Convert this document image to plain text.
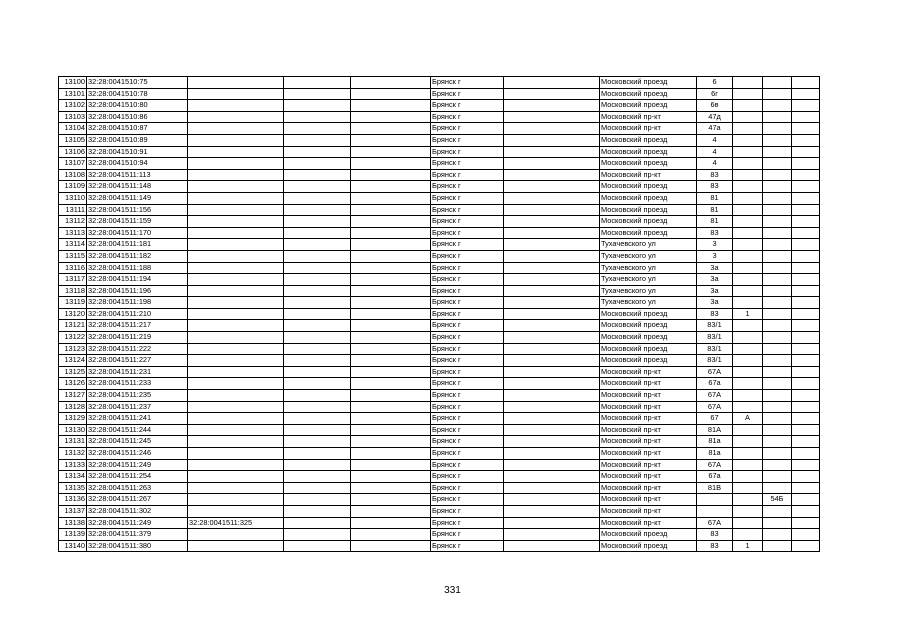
13100	32:28:0041510:75				Брянск г		Московский проезд	6			
13101	32:28:0041510:78				Брянск г		Московский проезд	6г			
13102	32:28:0041510:80				Брянск г		Московский проезд	6в			
13103	32:28:0041510:86				Брянск г		Московский пр-кт	47д			
13104	32:28:0041510:87				Брянск г		Московский пр-кт	47а			
13105	32:28:0041510:89				Брянск г		Московский проезд	4			
13106	32:28:0041510:91				Брянск г		Московский проезд	4			
13107	32:28:0041510:94				Брянск г		Московский проезд	4			
13108	32:28:0041511:113				Брянск г		Московский пр-кт	83			
13109	32:28:0041511:148				Брянск г		Московский проезд	83			
13110	32:28:0041511:149				Брянск г		Московский проезд	81			
13111	32:28:0041511:156				Брянск г		Московский проезд	81			
13112	32:28:0041511:159				Брянск г		Московский проезд	81			
13113	32:28:0041511:170				Брянск г		Московский проезд	83			
13114	32:28:0041511:181				Брянск г		Тухачевского ул	3			
13115	32:28:0041511:182				Брянск г		Тухачевского ул	3			
13116	32:28:0041511:188				Брянск г		Тухачевского ул	3а			
13117	32:28:0041511:194				Брянск г		Тухачевского ул	3а			
13118	32:28:0041511:196				Брянск г		Тухачевского ул	3а			
13119	32:28:0041511:198				Брянск г		Тухачевского ул	3а			
13120	32:28:0041511:210				Брянск г		Московский проезд	83	1		
13121	32:28:0041511:217				Брянск г		Московский проезд	83/1			
13122	32:28:0041511:219				Брянск г		Московский проезд	83/1			
13123	32:28:0041511:222				Брянск г		Московский проезд	83/1			
13124	32:28:0041511:227				Брянск г		Московский проезд	83/1			
13125	32:28:0041511:231				Брянск г		Московский пр-кт	67А			
13126	32:28:0041511:233				Брянск г		Московский пр-кт	67а			
13127	32:28:0041511:235				Брянск г		Московский пр-кт	67А			
13128	32:28:0041511:237				Брянск г		Московский пр-кт	67А			
13129	32:28:0041511:241				Брянск г		Московский пр-кт	67	А		
13130	32:28:0041511:244				Брянск г		Московский пр-кт	81А			
13131	32:28:0041511:245				Брянск г		Московский пр-кт	81а			
13132	32:28:0041511:246				Брянск г		Московский пр-кт	81а			
13133	32:28:0041511:249				Брянск г		Московский пр-кт	67А			
13134	32:28:0041511:254				Брянск г		Московский пр-кт	67а			
13135	32:28:0041511:263				Брянск г		Московский пр-кт	81В			
13136	32:28:0041511:267				Брянск г		Московский пр-кт			54Б	
13137	32:28:0041511:302				Брянск г		Московский пр-кт				
13138	32:28:0041511:249	32:28:0041511:325			Брянск г		Московский пр-кт	67А			
13139	32:28:0041511:379				Брянск г		Московский проезд	83			
13140	32:28:0041511:380				Брянск г		Московский проезд	83	1		
331
